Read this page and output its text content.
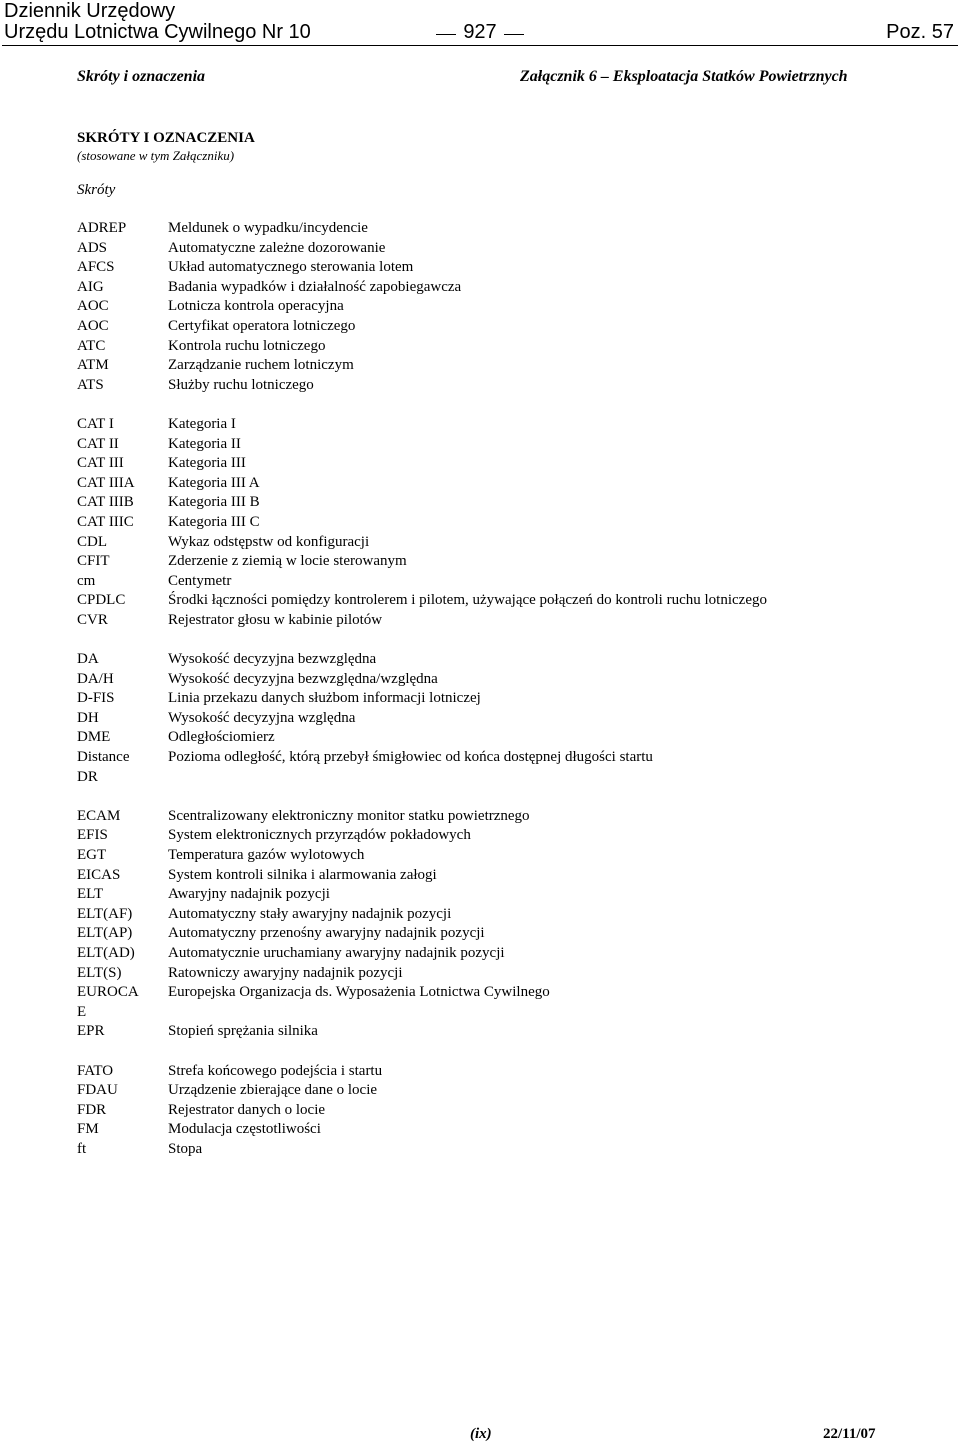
Dziennik Urzędowy
Urzędu Lotnictwa Cywilnego Nr 10	927	Poz. 57
Skróty i oznaczenia	Załącznik 6 – Eksploatacja Statków Powietrznych
SKRÓTY I OZNACZENIA
(stosowane w tym Załączniku)
Skróty
ADREP	Meldunek o wypadku/incydencie
ADS	Automatyczne zależne dozorowanie
AFCS	Układ automatycznego sterowania lotem
AIG	Badania wypadków i działalność zapobiegawcza
AOC	Lotnicza kontrola operacyjna
AOC	Certyfikat operatora lotniczego
ATC	Kontrola ruchu lotniczego
ATM	Zarządzanie ruchem lotniczym
ATS	Służby ruchu lotniczego
CAT I	Kategoria I
CAT II	Kategoria II
CAT III	Kategoria III
CAT IIIA Kategoria III A
CAT IIIB Kategoria III B
CAT IIIC Kategoria III C
CDL	Wykaz odstępstw od konfiguracji
CFIT	Zderzenie z ziemią w locie sterowanym
cm	Centymetr
CPDLC	Środki łączności pomiędzy kontrolerem i pilotem, używające połączeń do kontroli ruchu lotniczego
CVR	Rejestrator głosu w kabinie pilotów
DA	Wysokość decyzyjna bezwzględna
DA/H	Wysokość decyzyjna bezwzględna/względna
D-FIS	Linia przekazu danych służbom informacji lotniczej
DH	Wysokość decyzyjna względna
DME	Odległościomierz
Distance	Pozioma odległość, którą przebył śmigłowiec od końca dostępnej długości startu
DR
ECAM	Scentralizowany elektroniczny monitor statku powietrznego
EFIS	System elektronicznych przyrządów pokładowych
EGT	Temperatura gazów wylotowych
EICAS	System kontroli silnika i alarmowania załogi
ELT	Awaryjny nadajnik pozycji
ELT(AF) Automatyczny stały awaryjny nadajnik pozycji
ELT(AP) Automatyczny przenośny awaryjny nadajnik pozycji
ELT(AD) Automatycznie uruchamiany awaryjny nadajnik pozycji
ELT(S)	Ratowniczy awaryjny nadajnik pozycji
EUROCA Europejska Organizacja ds. Wyposażenia Lotnictwa Cywilnego
E
EPR	Stopień sprężania silnika
FATO	Strefa końcowego podejścia i startu
FDAU	Urządzenie zbierające dane o locie
FDR	Rejestrator danych o locie
FM	Modulacja częstotliwości
ft	Stopa
(ix)	22/11/07
